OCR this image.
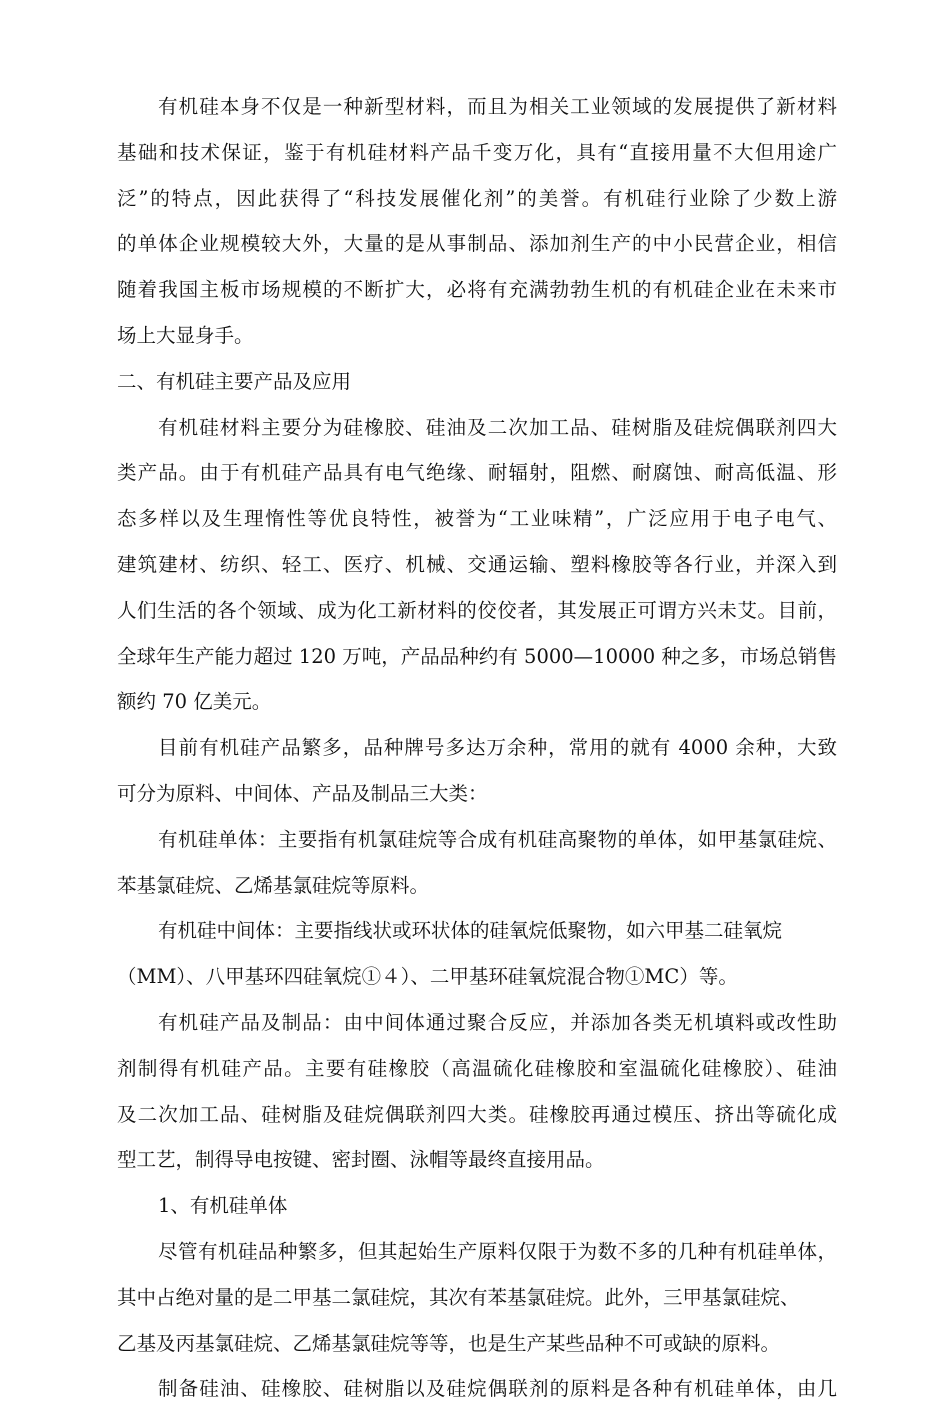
有机硅本身不仅是一种新型材料，而且为相关工业领域的发展提供了新材料
基础和技术保证，鉴于有机硅材料产品千变万化，具有“直接用量不大但用途广
泛”的特点，因此获得了“科技发展催化剂”的美誉。有机硅行业除了少数上游
的单体企业规模较大外，大量的是从事制品、添加剂生产的中小民营企业，相信
随着我国主板市场规模的不断扩大，必将有充满勃勃生机的有机硅企业在未来市
场上大显身手。
二、有机硅主要产品及应用
有机硅材料主要分为硅橡胶、硅油及二次加工品、硅树脂及硅烷偶联剂四大
类产品。由于有机硅产品具有电气绝缘、耐辐射，阻燃、耐腐蚀、耐高低温、形
态多样以及生理惰性等优良特性，被誉为“工业味精”，广泛应用于电子电气、
建筑建材、纺织、轻工、医疗、机械、交通运输、塑料橡胶等各行业，并深入到
人们生活的各个领域、成为化工新材料的佼佼者，其发展正可谓方兴未艾。目前，
全球年生产能力超过 120 万吨，产品品种约有 5000—10000 种之多，市场总销售
额约 70 亿美元。
目前有机硅产品繁多，品种牌号多达万余种，常用的就有 4000 余种，大致
可分为原料、中间体、产品及制品三大类：
有机硅单体：主要指有机氯硅烷等合成有机硅高聚物的单体，如甲基氯硅烷、
苯基氯硅烷、乙烯基氯硅烷等原料。
有机硅中间体：主要指线状或环状体的硅氧烷低聚物，如六甲基二硅氧烷
（MM）、八甲基环四硅氧烷①４）、二甲基环硅氧烷混合物①MC）等。
有机硅产品及制品：由中间体通过聚合反应，并添加各类无机填料或改性助
剂制得有机硅产品。主要有硅橡胶（高温硫化硅橡胶和室温硫化硅橡胶）、硅油
及二次加工品、硅树脂及硅烷偶联剂四大类。硅橡胶再通过模压、挤出等硫化成
型工艺，制得导电按键、密封圈、泳帽等最终直接用品。
1、有机硅单体
尽管有机硅品种繁多，但其起始生产原料仅限于为数不多的几种有机硅单体，
其中占绝对量的是二甲基二氯硅烷，其次有苯基氯硅烷。此外，三甲基氯硅烷、
乙基及丙基氯硅烷、乙烯基氯硅烷等等，也是生产某些品种不可或缺的原料。
制备硅油、硅橡胶、硅树脂以及硅烷偶联剂的原料是各种有机硅单体，由几
